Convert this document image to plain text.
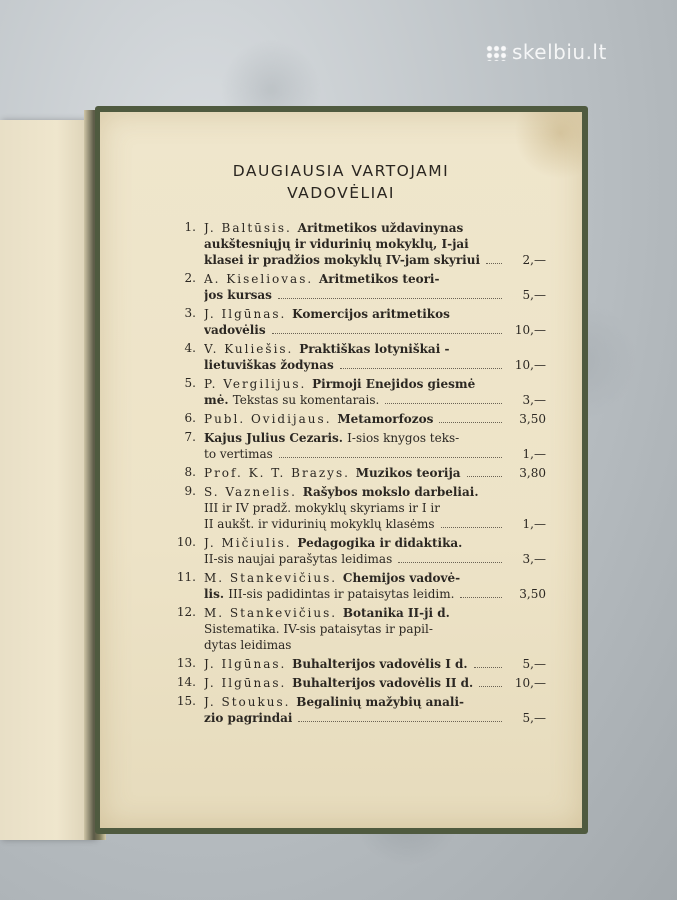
skelbiu.lt
DAUGIAUSIA VARTOJAMI
VADOVĖLIAI
1. J. Baltūsis. Aritmetikos uždavinynas
aukštesniųjų ir vidurinių mokyklų, I-jai
klasei ir pradžios mokyklų IV-jam skyriui	2,—
2. A. Kiseliovas. Aritmetikos teori-
jos kursas	5,—
3. J. Ilgūnas. Komercijos aritmetikos
vadovėlis	10,—
4. V. Kuliešis. Praktiškas lotyniškai -
lietuviškas žodynas	10,—
5. P. Vergilijus. Pirmoji Enejidos giesmė
mė. Tekstas su komentarais.	3,—
6. Publ. Ovidijaus. Metamorfozos	3,50
7. Kajus Julius Cezaris. I-sios knygos teks-
to vertimas	1,—
8. Prof. K. T. Brazys. Muzikos teorija	3,80
9. S. Vaznelis. Rašybos mokslo darbeliai.
III ir IV pradž. mokyklų skyriams ir I ir
II aukšt. ir vidurinių mokyklų klasėms	1,—
10. J. Mičiulis. Pedagogika ir didaktika.
II-sis naujai parašytas leidimas	3,—
11. M. Stankevičius. Chemijos vadovė-
lis. III-sis padidintas ir pataisytas leidim.	3,50
12. M. Stankevičius. Botanika II-ji d.
Sistematika. IV-sis pataisytas ir papil-
dytas leidimas
13. J. Ilgūnas. Buhalterijos vadovėlis I d.	5,—
14. J. Ilgūnas. Buhalterijos vadovėlis II d.	10,—
15. J. Stoukus. Begalinių mažybių anali-
zio pagrindai	5,—
